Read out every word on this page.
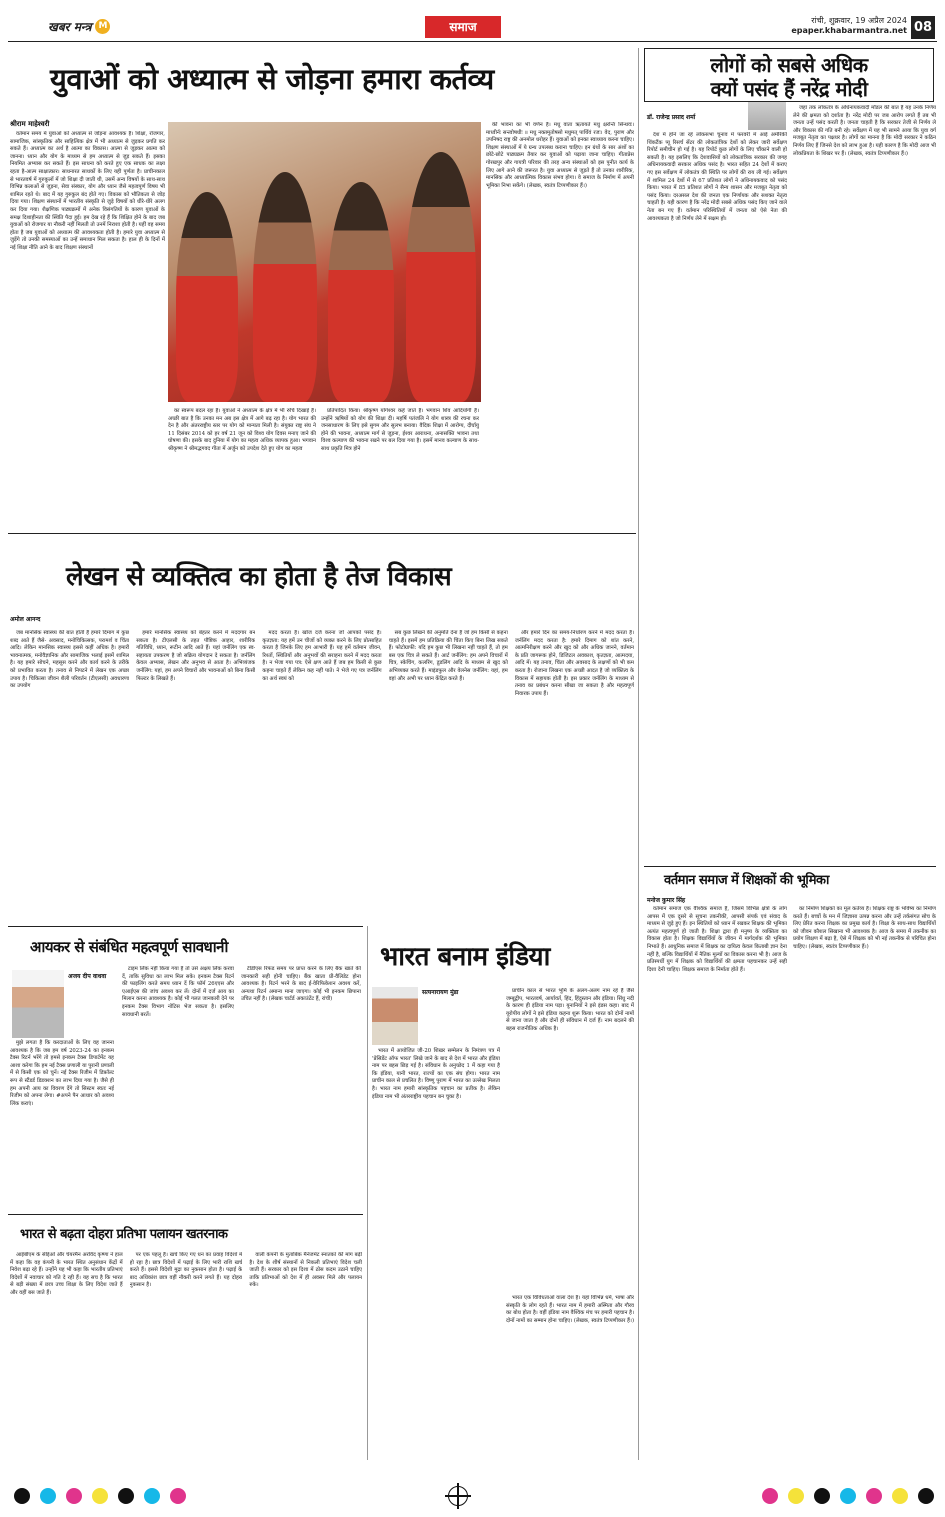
खबर मन्त्र M	समाज	रांची, शुक्रवार, 19 अप्रैल 2024
epaper.khabarmantra.net 08
युवाओं को अध्यात्म से जोड़ना हमारा कर्तव्य
श्रीराम माहेश्वरी

वर्तमान समय में युवाओं को अध्यात्म से जोड़ना आवश्यक है। शिक्षा, रोजगार, सामाजिक, सांस्कृतिक और साहित्यिक क्षेत्र में भी अध्यात्म से जुड़कर प्रगति कर सकते हैं। अध्यात्म का अर्थ है आत्मा का विकास। आत्मा से जुड़कर आत्मा को जानना। ध्यान और योग के माध्यम से हम अध्यात्म से जुड़ सकते हैं। इसका नियमित अभ्यास कर सकते हैं। इस साधना को करते हुए एक साधक का लक्ष्य रहता है-आत्म साक्षात्कार। साधनारत साधकों के लिए यही पूर्णता है। प्राचीनकाल से भारतवर्ष में गुरुकुलों में जो शिक्षा दी जाती थी, उसमें अन्य विषयों के साथ-साथ विभिन्न कलाओं से जुड़ना, सेवा संस्कार, योग और ध्यान जैसे महत्वपूर्ण विषय भी शामिल रहते थे। बाद में यह गुरुकुल बंद होते गए। विकास को भौतिकता से जोड़ दिया गया। शिक्षण संस्थानों में भारतीय संस्कृति से जुड़े विषयों को धीरे-धीरे अलग कर दिया गया। शैक्षणिक पाठ्यक्रमों में अनेक विसंगतियों के कारण युवाओं के समक्ष दिशाहीनता की स्थिति पैदा हुई। हम देख रहे हैं कि शिक्षित होने के बाद जब युवाओं को रोजगार या नौकरी नहीं मिलती तो उनमें निराशा होती है। यहीं वह समय होता है जब युवाओं को अध्यात्म की आवश्यकता होती है। हमारे युवा अध्यात्म से जुड़ेंगे तो उनकी समस्याओं का उन्हें समाधान मिल सकता है। हाल ही के दिनों में नई शिक्षा नीति आने के बाद शिक्षण संस्थानों

का स्वरूप बदल रहा है। युवाओं ने अध्यात्म के क्षेत्र में भी रुचि दिखाई है। अच्छी बात है कि उनका मन अब इस क्षेत्र में आगे बढ़ रहा है। योग भारत की देन है और अंतरराष्ट्रीय स्तर पर योग को मान्यता मिली है। संयुक्त राष्ट्र संघ ने 11 दिसंबर 2014 को हर वर्ष 21 जून को विश्व योग दिवस मनाए जाने की घोषणा की। इसके बाद दुनिया में योग का महत्व अधिक व्यापक हुआ। भगवान श्रीकृष्ण ने श्रीमद्भगवद गीता में अर्जुन को उपदेश देते हुए योग का महत्व

प्रतिपादित किया। श्रीकृष्ण योगेश्वर कहे जाते हैं। भगवान शिव आदियोगी हैं। उन्होंने ऋषियों को योग की शिक्षा दी। महर्षि पतंजलि ने योग शास्त्र की रचना कर जनसाधारण के लिए इसे सुगम और सुलभ बनाया। वैदिक शिक्षा में आरोग्य, दीर्घायु होने की भावना, अध्यात्म मार्ग से जुड़ना, ईश्वर आराधना, अनासक्ति भावना तथा विश्व कल्याण की भावना रखने पर बल दिया गया है। इसमें मानव कल्याण के साथ-साथ प्रकृति मित्र होने

की भावना का भी वर्णन है। मधु वाता ऋतायते मधु क्षरन्ति सिन्धवः। माध्वीर्नः सन्त्वोषधीः ॥ मधु नक्तमुतोषसो मधुमत् पार्थिवं रजः। वेद, पुराण और उपनिषद राष्ट्र की अनमोल धरोहर हैं। युवाओं को इनका स्वाध्याय करना चाहिए। शिक्षण संस्थाओं में ये ग्रन्थ उपलब्ध कराना चाहिए। इन ग्रंथों के सार अंशों का छोटे-छोटे पाठ्यक्रम तैयार कर युवाओं को पढ़ाया जाना चाहिए। गीताप्रेस गोरखपुर और गायत्री परिवार की तरह अन्य संस्थाओं को इस पुनीत कार्य के लिए आगे आने की जरूरत है। युवा अध्यात्म से जुड़ते हैं तो उनका शारीरिक, मानसिक और आध्यात्मिक विकास संभव होगा। वे समाज के निर्माण में अपनी भूमिका निभा सकेंगे। (लेखक, स्वतंत्र टिप्पणीकार हैं।)

लोगों को सबसे अधिक
क्यों पसंद हैं नरेंद्र मोदी
डॉ. राजेन्द्र प्रसाद शर्मा

देश में होने जा रहे लोकसभा चुनाव में फरवरी में आई अमेरिकी थिंकटैंक प्यू रिसर्च सेंटर की लोकतांत्रिक देशों को लेकर जारी सर्वेक्षण रिपोर्ट समीचीन हो गई है। यह रिपोर्ट कुछ लोगों के लिए चौंकाने वाली हो सकती है। यह इसलिए कि देशवासियों को लोकतांत्रिक सरकार की जगह अधिनायकवादी सरकार अधिक पसंद है। भारत सहित 24 देशों में कराए गए इस सर्वेक्षण में लोकतंत्र की स्थिति पर लोगों की राय ली गई। सर्वेक्षण में शामिल 24 देशों में से 67 प्रतिशत लोगों ने अधिनायकवाद को पसंद किया। भारत में 85 प्रतिशत लोगों ने सैन्य शासन और मजबूत नेतृत्व को पसंद किया। दरअसल देश की जनता एक निर्णायक और सशक्त नेतृत्व चाहती है। यही कारण है कि नरेंद्र मोदी सबसे अधिक पसंद किए जाने वाले नेता बन गए हैं। वर्तमान परिस्थितियों में जनता को ऐसे नेता की आवश्यकता है जो निर्णय लेने में सक्षम हो।

जहां तक लोकतंत्र के अधिनायकवादी मॉडल की बात है यह उनके निर्णय लेने की क्षमता को दर्शाता है। नरेंद्र मोदी पर जब आरोप लगते हैं तब भी जनता उन्हें पसंद करती है। जनता चाहती है कि सरकार तेजी से निर्णय ले और विकास की गति बनी रहे। सर्वेक्षण में यह भी सामने आया कि युवा वर्ग मजबूत नेतृत्व का पक्षधर है। लोगों का मानना है कि मोदी सरकार ने कठिन निर्णय लिए हैं जिनसे देश को लाभ हुआ है। यही कारण है कि मोदी आज भी लोकप्रियता के शिखर पर हैं। (लेखक, स्वतंत्र टिप्पणीकार हैं।)

वर्तमान समाज में शिक्षकों की भूमिका
मनोज कुमार सिंह

वर्तमान समाज एक वैश्विक समाज है, जिसमें विभिन्न क्षेत्रों के लोग आपस में एक दूसरे से सूचना तकनीकी, आपसी संपर्क एवं संवाद के माध्यम से जुड़े हुए हैं। इन स्थितियों को ध्यान में रखकर शिक्षक की भूमिका अत्यंत महत्वपूर्ण हो जाती है। शिक्षा द्वारा ही मनुष्य के व्यक्तित्व का विकास होता है। शिक्षक विद्यार्थियों के जीवन में मार्गदर्शक की भूमिका निभाते हैं। आधुनिक समाज में शिक्षक का दायित्व केवल किताबी ज्ञान देना नहीं है, बल्कि विद्यार्थियों में नैतिक मूल्यों का विकास करना भी है। आज के प्रतिस्पर्धी युग में शिक्षक को विद्यार्थियों की क्षमता पहचानकर उन्हें सही दिशा देनी चाहिए। शिक्षक समाज के निर्माता होते हैं।

का निर्माण शिक्षकों का मूल कर्तव्य है। शिक्षक राष्ट्र के भविष्य का निर्माण करते हैं। बच्चों के मन में जिज्ञासा उत्पन्न करना और उन्हें तर्कसंगत सोच के लिए प्रेरित करना शिक्षक का प्रमुख कार्य है। शिक्षा के साथ-साथ विद्यार्थियों को जीवन कौशल सिखाना भी आवश्यक है। आज के समय में तकनीक का प्रयोग शिक्षण में बढ़ा है, ऐसे में शिक्षक को भी नई तकनीक से परिचित होना चाहिए। (लेखक, स्वतंत्र टिप्पणीकार हैं।)

लेखन से व्यक्तित्व का होता है तेज विकास
अमोल आनन्द

जब मानसिक स्वास्थ्य की बात होती है हमारे दिमाग में कुछ शब्द आते हैं जैसे- अवसाद, मनोचिकित्सक, परामर्श व चिंता आदि। लेकिन मानसिक स्वास्थ्य इससे कहीं अधिक है। हमारी भावनात्मक, मनोवैज्ञानिक और सामाजिक भलाई इसमें शामिल है। यह हमारे सोचने, महसूस करने और कार्य करने के तरीके को प्रभावित करता है। तनाव से निपटने में लेखन एक अच्छा उपाय है। चिकित्सा जीवन शैली परिवर्तन (टीएलसी) अवधारणा का उपयोग

हमारे मानसिक स्वास्थ्य को बेहतर करने में मददगार बन सकता है। टीएलसी के तहत पौष्टिक आहार, शारीरिक गतिविधि, ध्यान, रूटीन आदि आते हैं। यहां जर्नलिंग एक स्व-सहायता उपकरण है जो सक्रिय योगदान दे सकता है। जर्नलिंग केवल अभ्यास, लेखन और अनुभव से आता है। अभिव्यंजक जर्नलिंग: यहां, हम अपने विचारों और भावनाओं को बिना किसी फिल्टर के लिखते हैं।

मदद करता है। खोज दर्ज करना जो आपको पसंद है। कृतज्ञता: यह हमें उन चीजों को व्यक्त करने के लिए प्रोत्साहित करता है जिनके लिए हम आभारी हैं। यह हमें वर्तमान जीवन, रिश्तों, स्थितियों और अनुभवों की सराहना करने में मदद करता है। न भेजा गया पत्र: ऐसे क्षण आते हैं जब हम किसी से कुछ कहना चाहते हैं लेकिन कह नहीं पाते। ने भेजे गए पत्र जर्नलिंग का अर्थ स्वयं को

सब कुछ लिखने की अनुमति देना है जो हम किसी से कहना चाहते हैं। इसमें हम प्रतिक्रिया की चिंता किए बिना लिख सकते हैं। फोटोग्राफी: यदि हम कुछ भी लिखना नहीं चाहते हैं, तो हम बस एक चित्र ले सकते हैं। आर्ट जर्नलिंग: हम अपने विचारों में चित्र, स्केचिंग, कलरिंग, डूडलिंग आदि के माध्यम से खुद को अभिव्यक्त करते हैं। माइंडफुल और वेलनेस जर्नलिंग: यहां, हम वहां और अभी पर ध्यान केंद्रित करते हैं।

और हमारे दिन का समय-निर्धारण करने में मदद करता है। जर्नलिंग मदद करता है: हमारे दिमाग को शांत करने, आत्मनिरीक्षण करने और खुद को और अधिक जानने, वर्तमान के प्रति जागरूक होने, डिजिटल अवकाश, कृतज्ञता, आत्मदया, आदि में। यह तनाव, चिंता और अवसाद के लक्षणों को भी कम करता है। रोजाना लिखना एक अच्छी आदत है जो व्यक्तित्व के विकास में सहायक होती है। इस प्रकार जर्नलिंग के माध्यम से तनाव का प्रबंधन करना सीखा जा सकता है और महत्वपूर्ण निवारक उपाय हैं।

आयकर से संबंधित महत्वपूर्ण सावधानी
अजय दीप वाधवा

मुझे लगता है कि करदाताओं के लिए वह जानना आवश्यक है कि जब हम वर्ष 2023-24 का इनकम टैक्स रिटर्न भरेंगे तो हमसे इनकम टैक्स डिपार्टमेंट यह आशा करेगा कि हम नई टैक्स प्रणाली या पुरानी प्रणाली में से किसी एक को चुनें। नई टैक्स रिजीम में डिफ़ॉल्ट रूप से स्टैंडर्ड डिडक्शन का लाभ दिया गया है। जैसे ही हम अपनी आय का विवरण देंगे तो सिस्टम स्वतः नई रिजीम को अपना लेगा। #अपने पैन आधार को अवश्य लिंक कराएं।

टाइम लिंक नहीं किया गया है तो उसे अक्षय लिंक करवा दें, ताकि सुविधा का लाभ मिल सके। इनकम टैक्स रिटर्न की फाइलिंग करते समय ध्यान दें कि फॉर्म 26एएस और एआईएस की जांच अवश्य कर लें। दोनों में दर्ज आय का मिलान करना आवश्यक है। कोई भी गलत जानकारी देने पर इनकम टैक्स विभाग नोटिस भेज सकता है। इसलिए सावधानी बरतें।

टीडीएस रिफंड समय पर प्राप्त करने के लिए बैंक खाते की जानकारी सही होनी चाहिए। बैंक खाता प्री-वैलिडेट होना आवश्यक है। रिटर्न भरने के बाद ई-वेरिफिकेशन अवश्य करें, अन्यथा रिटर्न अमान्य माना जाएगा। कोई भी इनकम छिपाना उचित नहीं है। (लेखक चार्टर्ड अकाउंटेंट हैं, रांची)

भारत बनाम इंडिया
सत्यनारायण मुंडा

भारत में आयोजित जी-20 शिखर सम्मेलन के निमंत्रण पत्र में 'प्रेसिडेंट ऑफ भारत' लिखे जाने के बाद से देश में भारत और इंडिया नाम पर बहस छिड़ गई है। संविधान के अनुच्छेद 1 में कहा गया है कि इंडिया, यानी भारत, राज्यों का एक संघ होगा। भारत नाम प्राचीन काल से प्रचलित है। विष्णु पुराण में भारत का उल्लेख मिलता है। भारत नाम हमारी सांस्कृतिक पहचान का प्रतीक है। लेकिन इंडिया नाम भी अंतरराष्ट्रीय पहचान बन चुका है।

प्राचीन काल से भारत भूमि के अलग-अलग नाम रहे हैं जैसे जम्बूद्वीप, भारतवर्ष, आर्यावर्त, हिंद, हिंदुस्तान और इंडिया। सिंधु नदी के कारण ही इंडिया नाम पड़ा। यूनानियों ने इसे इंडस कहा। बाद में यूरोपीय लोगों ने इसे इंडिया कहना शुरू किया। भारत को दोनों नामों से जाना जाता है और दोनों ही संविधान में दर्ज हैं। नाम बदलने की बहस राजनीतिक अधिक है।

भारत एक विविधताओं वाला देश है। यहां विभिन्न धर्म, भाषा और संस्कृति के लोग रहते हैं। भारत नाम में हमारी अस्मिता और गौरव का बोध होता है। वहीं इंडिया नाम वैश्विक मंच पर हमारी पहचान है। दोनों नामों का सम्मान होना चाहिए। (लेखक, स्वतंत्र टिप्पणीकार हैं।)

भारत से बढ़ता दोहरा प्रतिभा पलायन खतरनाक

आईबीएम के सीईओ और चेयरमैन अरविंद कृष्णा ने हाल में कहा कि वह कंपनी के भारत स्थित अनुसंधान केंद्रों में निवेश बढ़ा रहे हैं। उन्होंने यह भी कहा कि भारतीय प्रतिभाएं विदेशों में नवाचार को गति दे रही हैं। यह सच है कि भारत से बड़ी संख्या में छात्र उच्च शिक्षा के लिए विदेश जाते हैं और वहीं बस जाते हैं।

पर एक पहलू है। खर्च किए गए धन का प्रवाह विदेशों में हो रहा है। छात्र विदेशों में पढ़ाई के लिए भारी राशि खर्च करते हैं। इससे विदेशी मुद्रा का नुकसान होता है। पढ़ाई के बाद अधिकांश छात्र वहीं नौकरी करने लगते हैं। यह दोहरा नुकसान है।

वाली कंपनी के मुताबिक मैनेजमेंट स्नातकों की मांग बढ़ी है। देश के शीर्ष संस्थानों से निकली प्रतिभाएं विदेश चली जाती हैं। सरकार को इस दिशा में ठोस कदम उठाने चाहिए ताकि प्रतिभाओं को देश में ही अवसर मिले और पलायन रुके।
